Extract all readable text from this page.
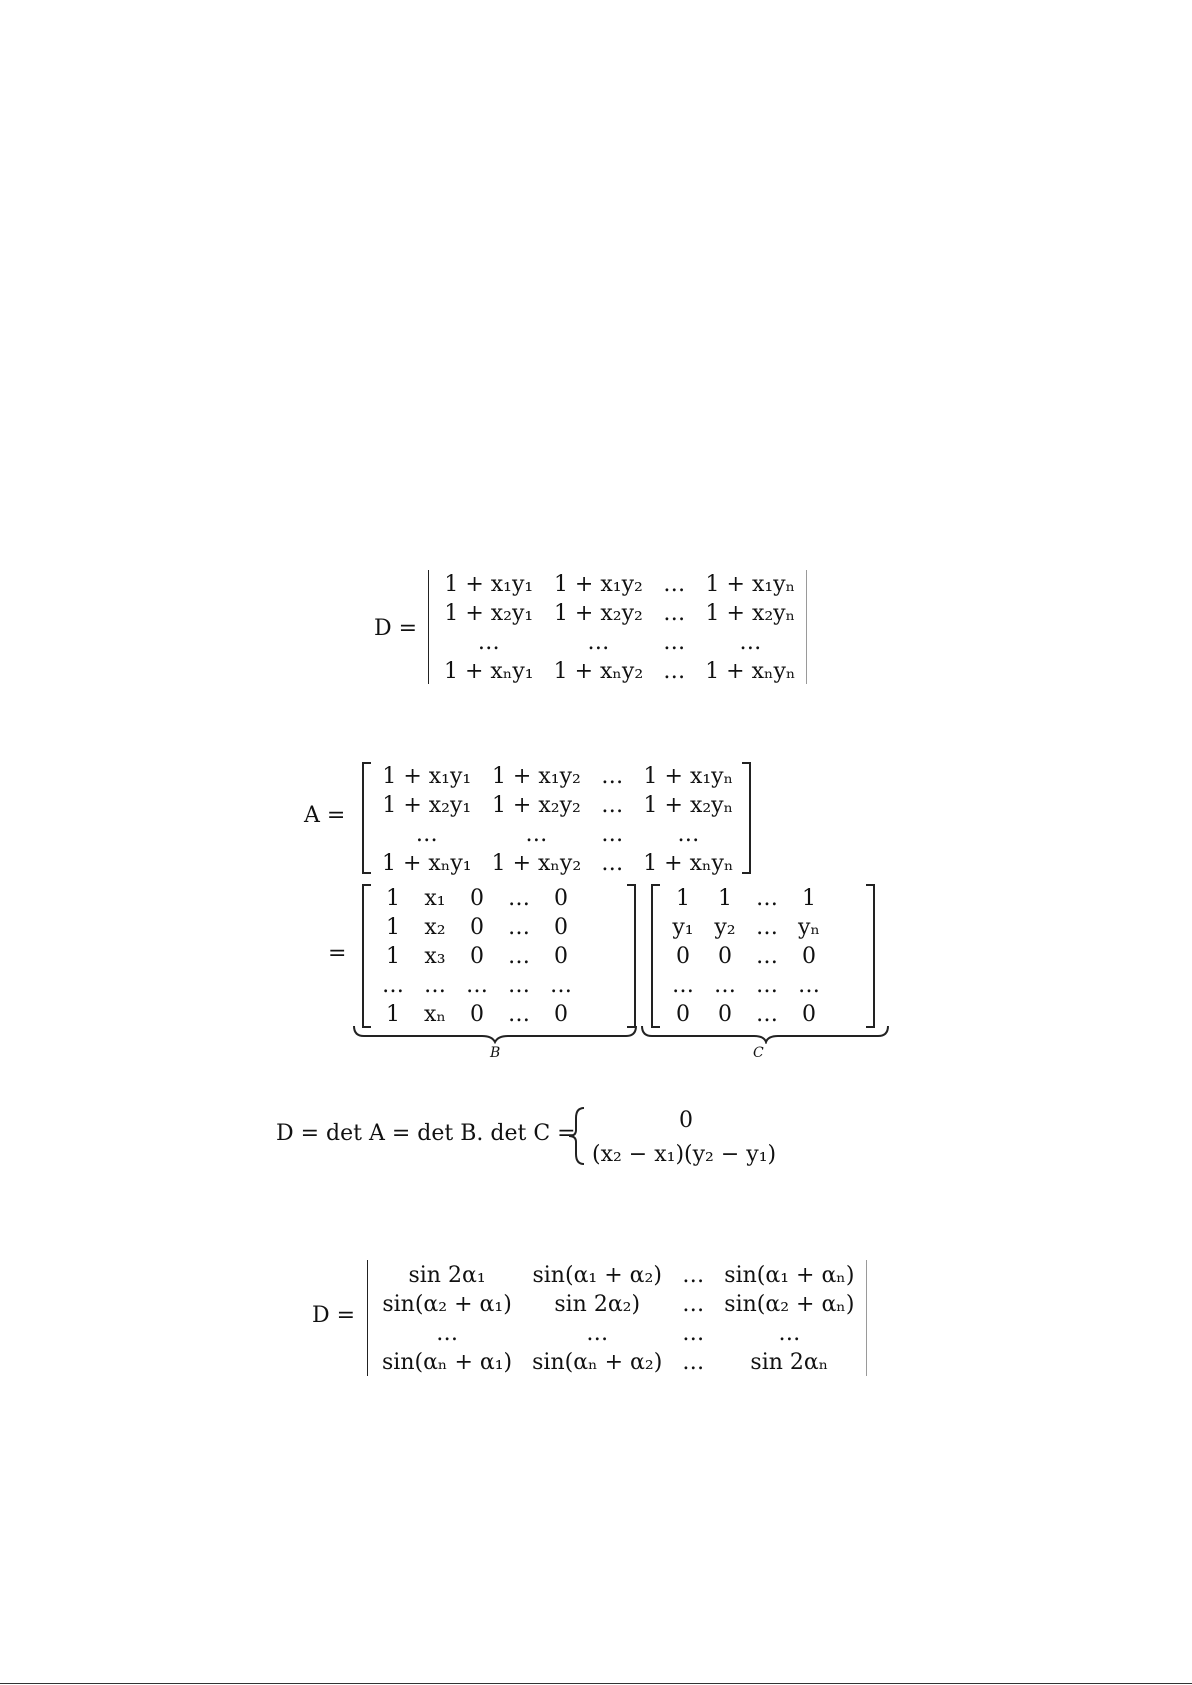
D =
1 + x₁y₁	1 + x₁y₂	…	1 + x₁yₙ
1 + x₂y₁	1 + x₂y₂	…	1 + x₂yₙ
…	…	…	…
1 + xₙy₁	1 + xₙy₂	…	1 + xₙyₙ
A =
1 + x₁y₁	1 + x₁y₂	…	1 + x₁yₙ
1 + x₂y₁	1 + x₂y₂	…	1 + x₂yₙ
…	…	…	…
1 + xₙy₁	1 + xₙy₂	…	1 + xₙyₙ
=
1	x₁	0	…	0
1	x₂	0	…	0
1	x₃	0	…	0
…	…	…	…	…
1	xₙ	0	…	0
1	1	…	1
y₁	y₂	…	yₙ
0	0	…	0
…	…	…	…
0	0	…	0
B	C
D = det A = det B. det C =
0
(x₂ − x₁)(y₂ − y₁)
D =
sin 2α₁	sin(α₁ + α₂)	…	sin(α₁ + αₙ)
sin(α₂ + α₁)	sin 2α₂)	…	sin(α₂ + αₙ)
…	…	…	…
sin(αₙ + α₁)	sin(αₙ + α₂)	…	sin 2αₙ
